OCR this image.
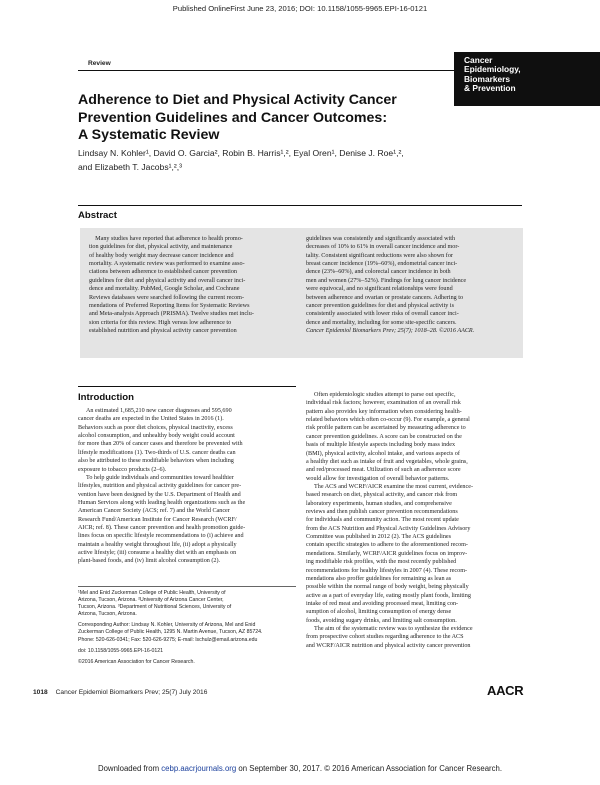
Published OnlineFirst June 23, 2016; DOI: 10.1158/1055-9965.EPI-16-0121
Review	Cancer
Epidemiology,
Biomarkers
& Prevention
Adherence to Diet and Physical Activity Cancer
Prevention Guidelines and Cancer Outcomes:
A Systematic Review
Lindsay N. Kohler¹, David O. Garcia², Robin B. Harris¹,², Eyal Oren¹, Denise J. Roe¹,²,
and Elizabeth T. Jacobs¹,²,³
Abstract
Many studies have reported that adherence to health promo-
tion guidelines for diet, physical activity, and maintenance
of healthy body weight may decrease cancer incidence and
mortality. A systematic review was performed to examine asso-
ciations between adherence to established cancer prevention
guidelines for diet and physical activity and overall cancer inci-
dence and mortality. PubMed, Google Scholar, and Cochrane
Reviews databases were searched following the current recom-
mendations of Preferred Reporting Items for Systematic Reviews
and Meta-analysis Approach (PRISMA). Twelve studies met inclu-
sion criteria for this review. High versus low adherence to
established nutrition and physical activity cancer prevention
guidelines was consistently and significantly associated with
decreases of 10% to 61% in overall cancer incidence and mor-
tality. Consistent significant reductions were also shown for
breast cancer incidence (19%–60%), endometrial cancer inci-
dence (23%–60%), and colorectal cancer incidence in both
men and women (27%–52%). Findings for lung cancer incidence
were equivocal, and no significant relationships were found
between adherence and ovarian or prostate cancers. Adhering to
cancer prevention guidelines for diet and physical activity is
consistently associated with lower risks of overall cancer inci-
dence and mortality, including for some site-specific cancers.
Cancer Epidemiol Biomarkers Prev; 25(7); 1018–28. ©2016 AACR.
Introduction
An estimated 1,685,210 new cancer diagnoses and 595,690
cancer deaths are expected in the United States in 2016 (1).
Behaviors such as poor diet choices, physical inactivity, excess
alcohol consumption, and unhealthy body weight could account
for more than 20% of cancer cases and therefore be prevented with
lifestyle modifications (1). Two-thirds of U.S. cancer deaths can
also be attributed to these modifiable behaviors when including
exposure to tobacco products (2–6).
To help guide individuals and communities toward healthier
lifestyles, nutrition and physical activity guidelines for cancer pre-
vention have been designed by the U.S. Department of Health and
Human Services along with leading health organizations such as the
American Cancer Society (ACS; ref. 7) and the World Cancer
Research Fund/American Institute for Cancer Research (WCRF/
AICR; ref. 8). These cancer prevention and health promotion guide-
lines focus on specific lifestyle recommendations to (i) achieve and
maintain a healthy weight throughout life, (ii) adopt a physically
active lifestyle; (iii) consume a healthy diet with an emphasis on
plant-based foods, and (iv) limit alcohol consumption (2).
Often epidemiologic studies attempt to parse out specific,
individual risk factors; however, examination of an overall risk
pattern also provides key information when considering health-
related behaviors which often co-occur (9). For example, a general
risk profile pattern can be ascertained by measuring adherence to
cancer prevention guidelines. A score can be constructed on the
basis of multiple lifestyle aspects including body mass index
(BMI), physical activity, alcohol intake, and various aspects of
a healthy diet such as intake of fruit and vegetables, whole grains,
and red/processed meat. Utilization of such an adherence score
would allow for investigation of overall behavior patterns.
The ACS and WCRF/AICR examine the most current, evidence-
based research on diet, physical activity, and cancer risk from
laboratory experiments, human studies, and comprehensive
reviews and then publish cancer prevention recommendations
for individuals and community action. The most recent update
from the ACS Nutrition and Physical Activity Guidelines Advisory
Committee was published in 2012 (2). The ACS guidelines
contain specific strategies to adhere to the aforementioned recom-
mendations. Similarly, WCRF/AICR guidelines focus on improv-
ing modifiable risk profiles, with the most recently published
recommendations for healthy lifestyles in 2007 (4). These recom-
mendations also proffer guidelines for remaining as lean as
possible within the normal range of body weight, being physically
active as a part of everyday life, eating mostly plant foods, limiting
intake of red meat and avoiding processed meat, limiting con-
sumption of alcohol, limiting consumption of energy dense
foods, avoiding sugary drinks, and limiting salt consumption.
The aim of the systematic review was to synthesize the evidence
from prospective cohort studies regarding adherence to the ACS
and WCRF/AICR nutrition and physical activity cancer prevention
¹Mel and Enid Zuckerman College of Public Health, University of
Arizona, Tucson, Arizona. ²University of Arizona Cancer Center,
Tucson, Arizona. ³Department of Nutritional Sciences, University of
Arizona, Tucson, Arizona.
Corresponding Author: Lindsay N. Kohler, University of Arizona, Mel and Enid
Zuckerman College of Public Health, 1295 N. Martin Avenue, Tucson, AZ 85724.
Phone: 520-626-0341; Fax: 520-626-9275; E-mail: lschulz@email.arizona.edu
doi: 10.1158/1055-9965.EPI-16-0121
©2016 American Association for Cancer Research.
1018 Cancer Epidemiol Biomarkers Prev; 25(7) July 2016	AACR
Downloaded from cebp.aacrjournals.org on September 30, 2017. © 2016 American Association for Cancer Research.
